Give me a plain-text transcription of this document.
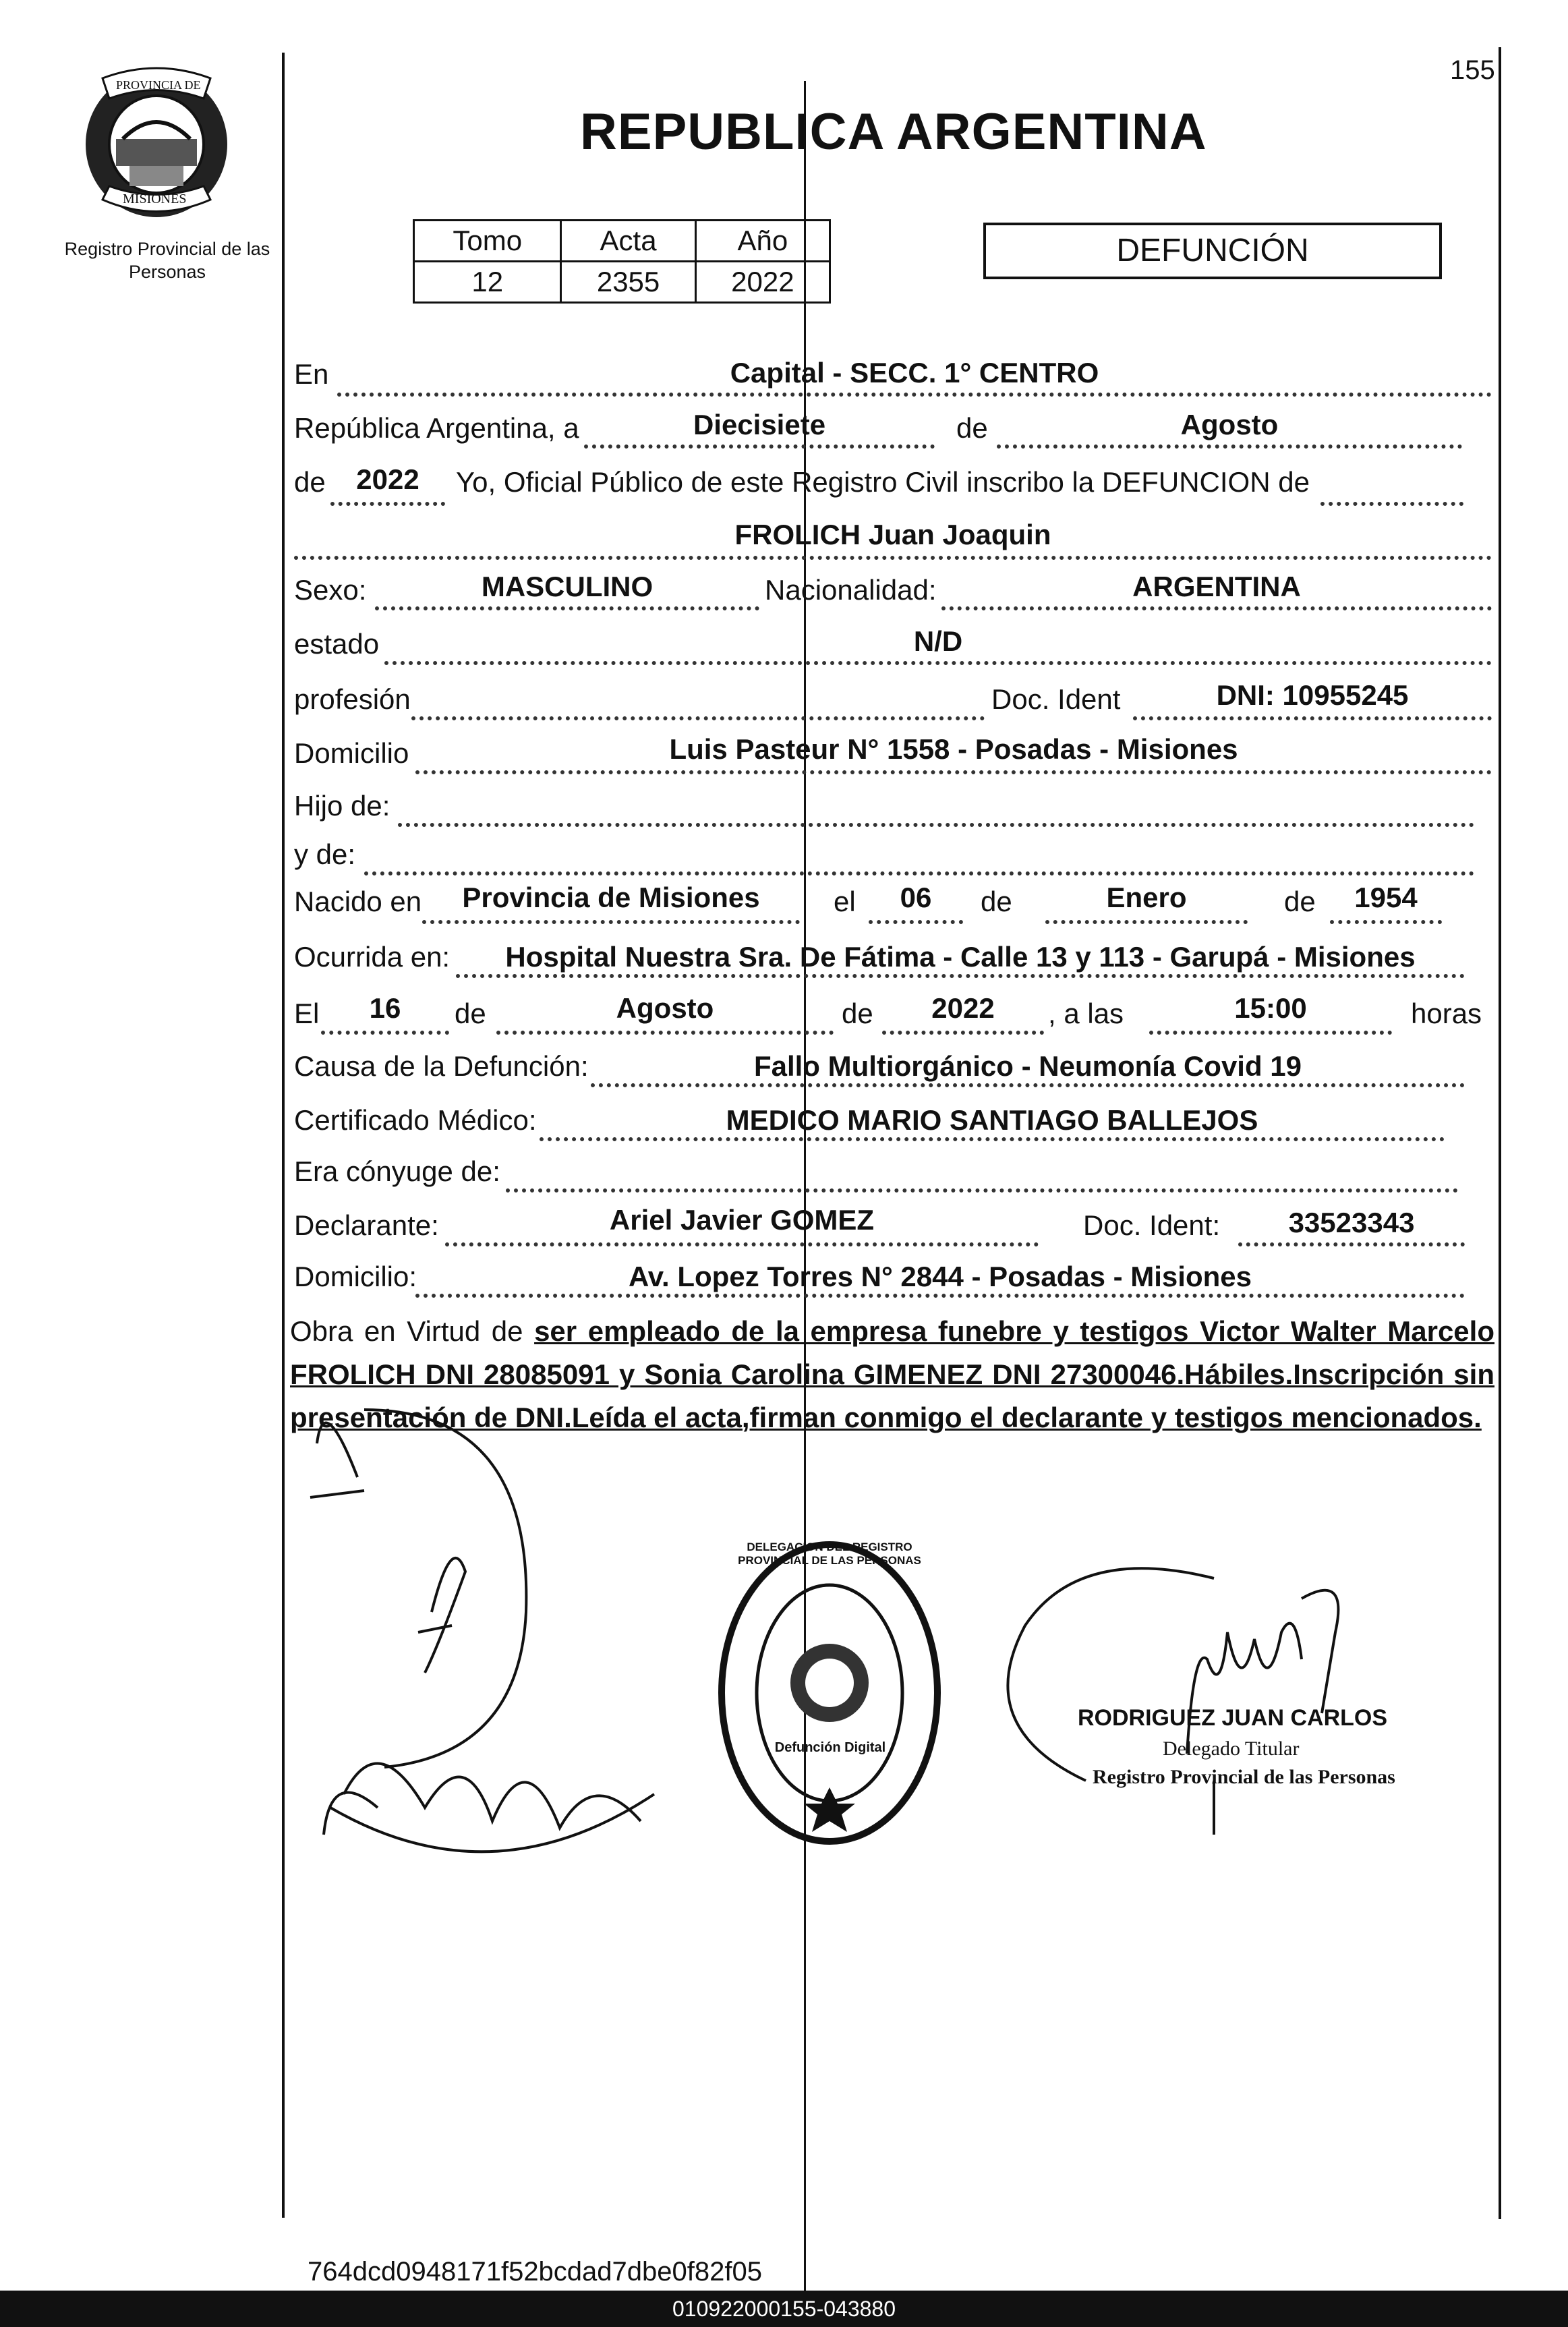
155
PROVINCIA DE
MISIONES
Registro Provincial de las Personas
REPUBLICA ARGENTINA
Tomo	Acta	Año
12	2355	2022
DEFUNCIÓN
En	Capital - SECC. 1° CENTRO
República Argentina, a	Diecisiete	de	Agosto
de	2022	Yo, Oficial Público de este Registro Civil inscribo la DEFUNCION de
FROLICH Juan Joaquin
Sexo:	MASCULINO	Nacionalidad:	ARGENTINA
estado	N/D
profesión	Doc. Ident	DNI: 10955245
Domicilio	Luis Pasteur N° 1558 - Posadas - Misiones
Hijo de:
y de:
Nacido en	Provincia de Misiones	el	06	de	Enero	de	1954
Ocurrida en:	Hospital Nuestra Sra. De Fátima - Calle 13 y 113 - Garupá - Misiones
El	16	de	Agosto	de	2022	, a las	15:00	horas
Causa de la Defunción:	Fallo Multiorgánico - Neumonía Covid 19
Certificado Médico:	MEDICO MARIO SANTIAGO BALLEJOS
Era cónyuge de:
Declarante:	Ariel Javier GOMEZ	Doc. Ident:	33523343
Domicilio:	Av. Lopez Torres N° 2844 - Posadas - Misiones
Obra en Virtud de ser empleado de la empresa funebre y testigos Victor Walter Marcelo FROLICH DNI 28085091 y Sonia Carolina GIMENEZ DNI 27300046.Hábiles.Inscripción sin presentación de DNI.Leída el acta,firman conmigo el declarante y testigos mencionados.
DELEGACION DEL REGISTRO PROVINCIAL DE LAS PERSONAS
Defunción Digital
RODRIGUEZ JUAN CARLOS
Delegado Titular
Registro Provincial de las Personas
764dcd0948171f52bcdad7dbe0f82f05
010922000155-043880
